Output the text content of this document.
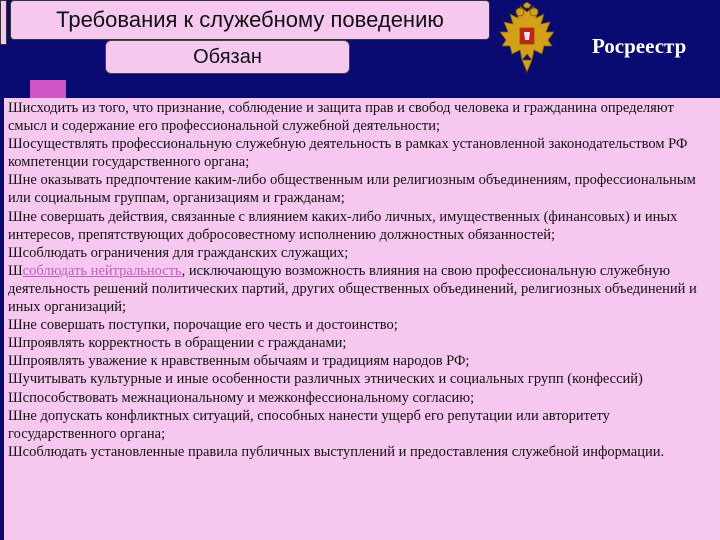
Требования к служебному поведению
Обязан	Росреестр

Шисходить из того, что признание, соблюдение и защита прав и свобод человека и гражданина определяют смысл и содержание его профессиональной служебной деятельности;

Шосуществлять профессиональную служебную деятельность в рамках установленной законодательством РФ компетенции государственного органа;

Шне оказывать предпочтение каким-либо общественным или религиозным объединениям, профессиональным или социальным группам, организациям и гражданам;

Шне совершать действия, связанные с влиянием каких-либо личных, имущественных (финансовых) и иных интересов, препятствующих добросовестному исполнению должностных обязанностей;

Шсоблюдать ограничения для гражданских служащих;

Шсоблюдать нейтральность, исключающую возможность влияния на свою профессиональную служебную деятельность решений политических партий, других общественных объединений, религиозных объединений и иных организаций;

Шне совершать поступки, порочащие его честь и достоинство;

Шпроявлять корректность в обращении с гражданами;

Шпроявлять уважение к нравственным обычаям и традициям народов РФ;

Шучитывать культурные и иные особенности различных этнических и социальных групп (конфессий)

Шспособствовать межнациональному и межконфессиональному согласию;

Шне допускать конфликтных ситуаций, способных нанести ущерб его репутации или авторитету государственного органа;

Шсоблюдать установленные правила публичных выступлений и предоставления служебной информации.
